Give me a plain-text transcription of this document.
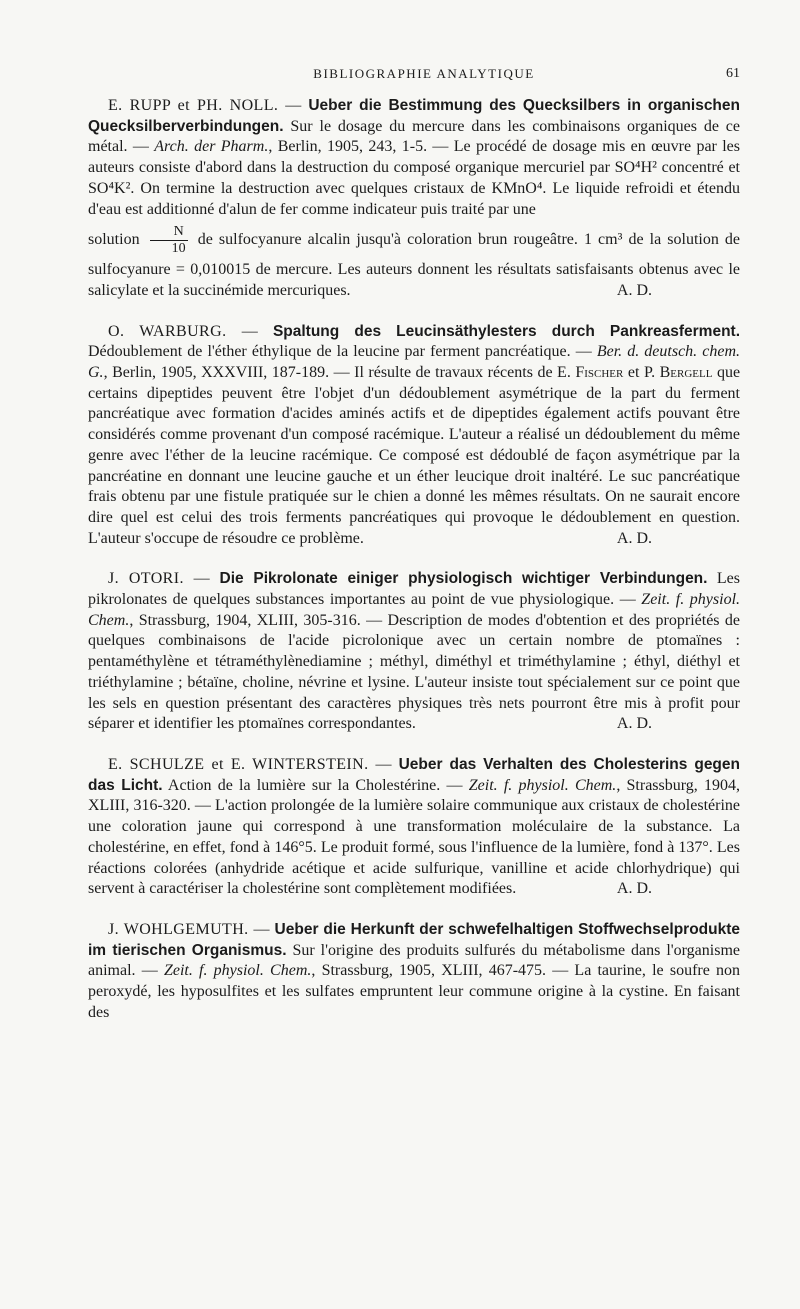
BIBLIOGRAPHIE ANALYTIQUE	61

E. RUPP et PH. NOLL. — Ueber die Bestimmung des Quecksilbers in organischen Quecksilberverbindungen. Sur le dosage du mercure dans les combinaisons organiques de ce métal. — Arch. der Pharm., Berlin, 1905, 243, 1-5. — Le procédé de dosage mis en œuvre par les auteurs consiste d'abord dans la destruction du composé organique mercuriel par SO⁴H² concentré et SO⁴K². On termine la destruction avec quelques cristaux de KMnO⁴. Le liquide refroidi et étendu d'eau est additionné d'alun de fer comme indicateur puis traité par une
solution $\frac{N}{10}$ de sulfocyanure alcalin jusqu'à coloration brun rougeâtre. 1 cm³ de la solution de sulfocyanure = 0,010015 de mercure. Les auteurs donnent les résultats satisfaisants obtenus avec le salicylate et la succinémide mercuriques.	A. D.

O. WARBURG. — Spaltung des Leucinsäthylesters durch Pankreasferment. Dédoublement de l'éther éthylique de la leucine par ferment pancréatique. — Ber. d. deutsch. chem. G., Berlin, 1905, XXXVIII, 187-189. — Il résulte de travaux récents de E. Fischer et P. Bergell que certains dipeptides peuvent être l'objet d'un dédoublement asymétrique de la part du ferment pancréatique avec formation d'acides aminés actifs et de dipeptides également actifs pouvant être considérés comme provenant d'un composé racémique. L'auteur a réalisé un dédoublement du même genre avec l'éther de la leucine racémique. Ce composé est dédoublé de façon asymétrique par la pancréatine en donnant une leucine gauche et un éther leucique droit inaltéré. Le suc pancréatique frais obtenu par une fistule pratiquée sur le chien a donné les mêmes résultats. On ne saurait encore dire quel est celui des trois ferments pancréatiques qui provoque le dédoublement en question. L'auteur s'occupe de résoudre ce problème.	A. D.

J. OTORI. — Die Pikrolonate einiger physiologisch wichtiger Verbindungen. Les pikrolonates de quelques substances importantes au point de vue physiologique. — Zeit. f. physiol. Chem., Strassburg, 1904, XLIII, 305-316. — Description de modes d'obtention et des propriétés de quelques combinaisons de l'acide picrolonique avec un certain nombre de ptomaïnes : pentaméthylène et tétraméthylènediamine ; méthyl, diméthyl et triméthylamine ; éthyl, diéthyl et triéthylamine ; bétaïne, choline, névrine et lysine. L'auteur insiste tout spécialement sur ce point que les sels en question présentant des caractères physiques très nets pourront être mis à profit pour séparer et identifier les ptomaïnes correspondantes.	A. D.

E. SCHULZE et E. WINTERSTEIN. — Ueber das Verhalten des Cholesterins gegen das Licht. Action de la lumière sur la Cholestérine. — Zeit. f. physiol. Chem., Strassburg, 1904, XLIII, 316-320. — L'action prolongée de la lumière solaire communique aux cristaux de cholestérine une coloration jaune qui correspond à une transformation moléculaire de la substance. La cholestérine, en effet, fond à 146°5. Le produit formé, sous l'influence de la lumière, fond à 137°. Les réactions colorées (anhydride acétique et acide sulfurique, vanilline et acide chlorhydrique) qui servent à caractériser la cholestérine sont complètement modifiées.	A. D.

J. WOHLGEMUTH. — Ueber die Herkunft der schwefelhaltigen Stoffwechselprodukte im tierischen Organismus. Sur l'origine des produits sulfurés du métabolisme dans l'organisme animal. — Zeit. f. physiol. Chem., Strassburg, 1905, XLIII, 467-475. — La taurine, le soufre non peroxydé, les hyposulfites et les sulfates empruntent leur commune origine à la cystine. En faisant des
